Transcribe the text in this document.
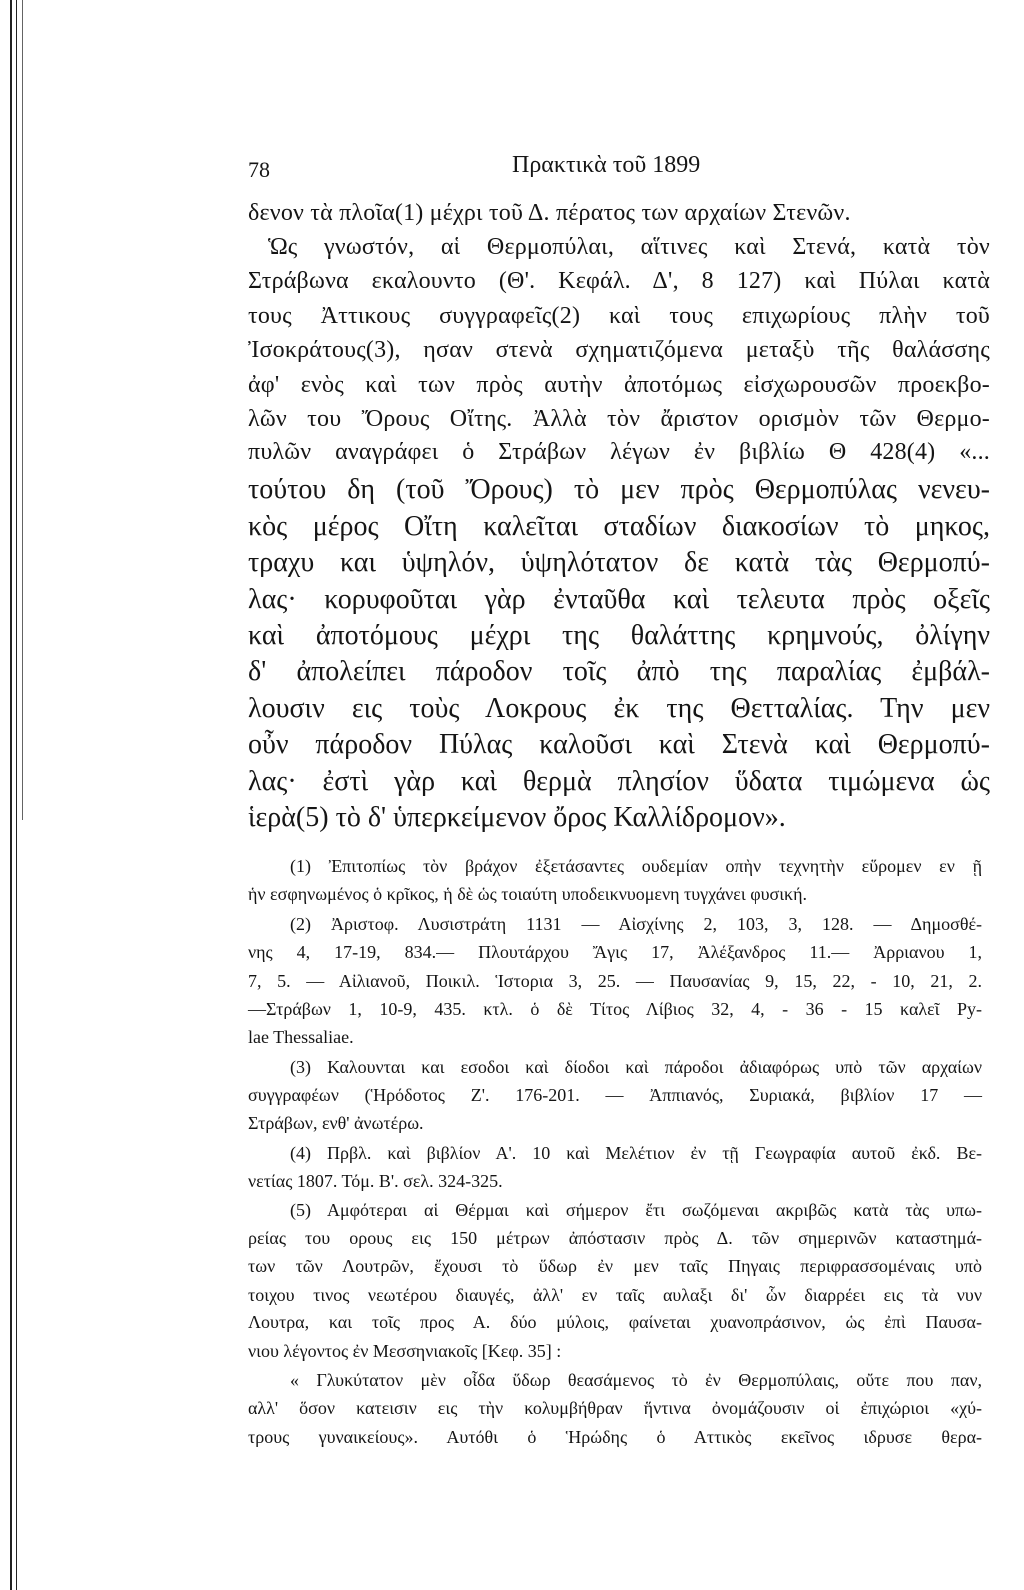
78	Πρακτικὰ τοῦ 1899
δενον τὰ πλοῖα(1) μέχρι τοῦ Δ. πέρατος των αρχαίων Στενῶν.
Ὡς γνωστόν, αἱ Θερμοπύλαι, αἵτινες καὶ Στενά, κατὰ τὸν
Στράβωνα εκαλουντο (Θ'. Κεφάλ. Δ', 8 127) καὶ Πύλαι κατὰ
τους Ἀττικους συγγραφεῖς(2) καὶ τους επιχωρίους πλὴν τοῦ
Ἰσοκράτους(3), ησαν στενὰ σχηματιζόμενα μεταξὺ τῆς θαλάσσης
ἀφ' ενὸς καὶ των πρὸς αυτὴν ἀποτόμως εἰσχωρουσῶν προεκβο-
λῶν του Ὄρους Οἴτης. Ἀλλὰ τὸν ἄριστον ορισμὸν τῶν Θερμο-
πυλῶν αναγράφει ὁ Στράβων λέγων ἐν βιβλίω Θ 428(4) «...
τούτου δη (τοῦ Ὄρους) τὸ μεν πρὸς Θερμοπύλας νενευ-
κὸς μέρος Οἴτη καλεῖται σταδίων διακοσίων τὸ μηκος,
τραχυ και ὑψηλόν, ὑψηλότατον δε κατὰ τὰς Θερμοπύ-
λας· κορυφοῦται γὰρ ἐνταῦθα καὶ τελευτα πρὸς οξεῖς
καὶ ἀποτόμους μέχρι της θαλάττης κρημνούς, ὀλίγην
δ' ἀπολείπει πάροδον τοῖς ἀπὸ της παραλίας ἐμβάλ-
λουσιν εις τοὺς Λοκρους ἐκ της Θετταλίας. Την μεν
οὖν πάροδον Πύλας καλοῦσι καὶ Στενὰ καὶ Θερμοπύ-
λας· ἐστὶ γὰρ καὶ θερμὰ πλησίον ὕδατα τιμώμενα ὡς
ἱερὰ(5) τὸ δ' ὑπερκείμενον ὄρος Καλλίδρομον».
(1) Ἐπιτοπίως τὸν βράχον ἐξετάσαντες ουδεμίαν οπὴν τεχνητὴν εὕρομεν εν ῇ
ἡν εσφηνωμένος ὁ κρῖκος, ἡ δὲ ὡς τοιαύτη υποδεικνυομενη τυγχάνει φυσική.
(2) Ἀριστοφ. Λυσιστράτη 1131 — Αἰσχίνης 2, 103, 3, 128. — Δημοσθέ-
νης 4, 17-19, 834.— Πλουτάρχου Ἄγις 17, Ἀλέξανδρος 11.— Ἀρριανου 1,
7, 5. — Αἰλιανοῦ, Ποικιλ. Ἱστορια 3, 25. — Παυσανίας 9, 15, 22, - 10, 21, 2.
—Στράβων 1, 10-9, 435. κτλ. ὁ δὲ Τίτος Λίβιος 32, 4, - 36 - 15 καλεῖ Py-
lae Thessaliae.
(3) Καλουνται και εσοδοι καὶ δίοδοι καὶ πάροδοι ἀδιαφόρως υπὸ τῶν αρχαίων
συγγραφέων (Ἡρόδοτος Ζ'. 176-201. — Ἀππιανός, Συριακά, βιβλίον 17 —
Στράβων, ενθ' ἀνωτέρω.
(4) Πρβλ. καὶ βιβλίον Α'. 10 καὶ Μελέτιον ἐν τῇ Γεωγραφία αυτοῦ ἐκδ. Βε-
νετίας 1807. Τόμ. Β'. σελ. 324-325.
(5) Αμφότεραι αἱ Θέρμαι καὶ σήμερον ἔτι σωζόμεναι ακριβῶς κατὰ τὰς υπω-
ρείας του ορους εις 150 μέτρων ἀπόστασιν πρὸς Δ. τῶν σημερινῶν καταστημά-
των τῶν Λουτρῶν, ἔχουσι τὸ ὕδωρ ἐν μεν ταῖς Πηγαις περιφρασσομέναις υπὸ
τοιχου τινος νεωτέρου διαυγές, ἀλλ' εν ταῖς αυλαξι δι' ὧν διαρρέει εις τὰ νυν
Λουτρα, και τοῖς προς Α. δύο μύλοις, φαίνεται χυανοπράσινον, ὡς ἐπὶ Παυσα-
νιου λέγοντος ἐν Μεσσηνιακοῖς [Κεφ. 35] :
« Γλυκύτατον μὲν οἶδα ὕδωρ θεασάμενος τὸ ἐν Θερμοπύλαις, οὔτε που παν,
αλλ' ὅσον κατεισιν εις τὴν κολυμβήθραν ἥντινα ὀνομάζουσιν οἱ ἐπιχώριοι «χύ-
τρους γυναικείους». Αυτόθι ὁ Ἡρώδης ὁ Αττικὸς εκεῖνος ιδρυσε θερα-
